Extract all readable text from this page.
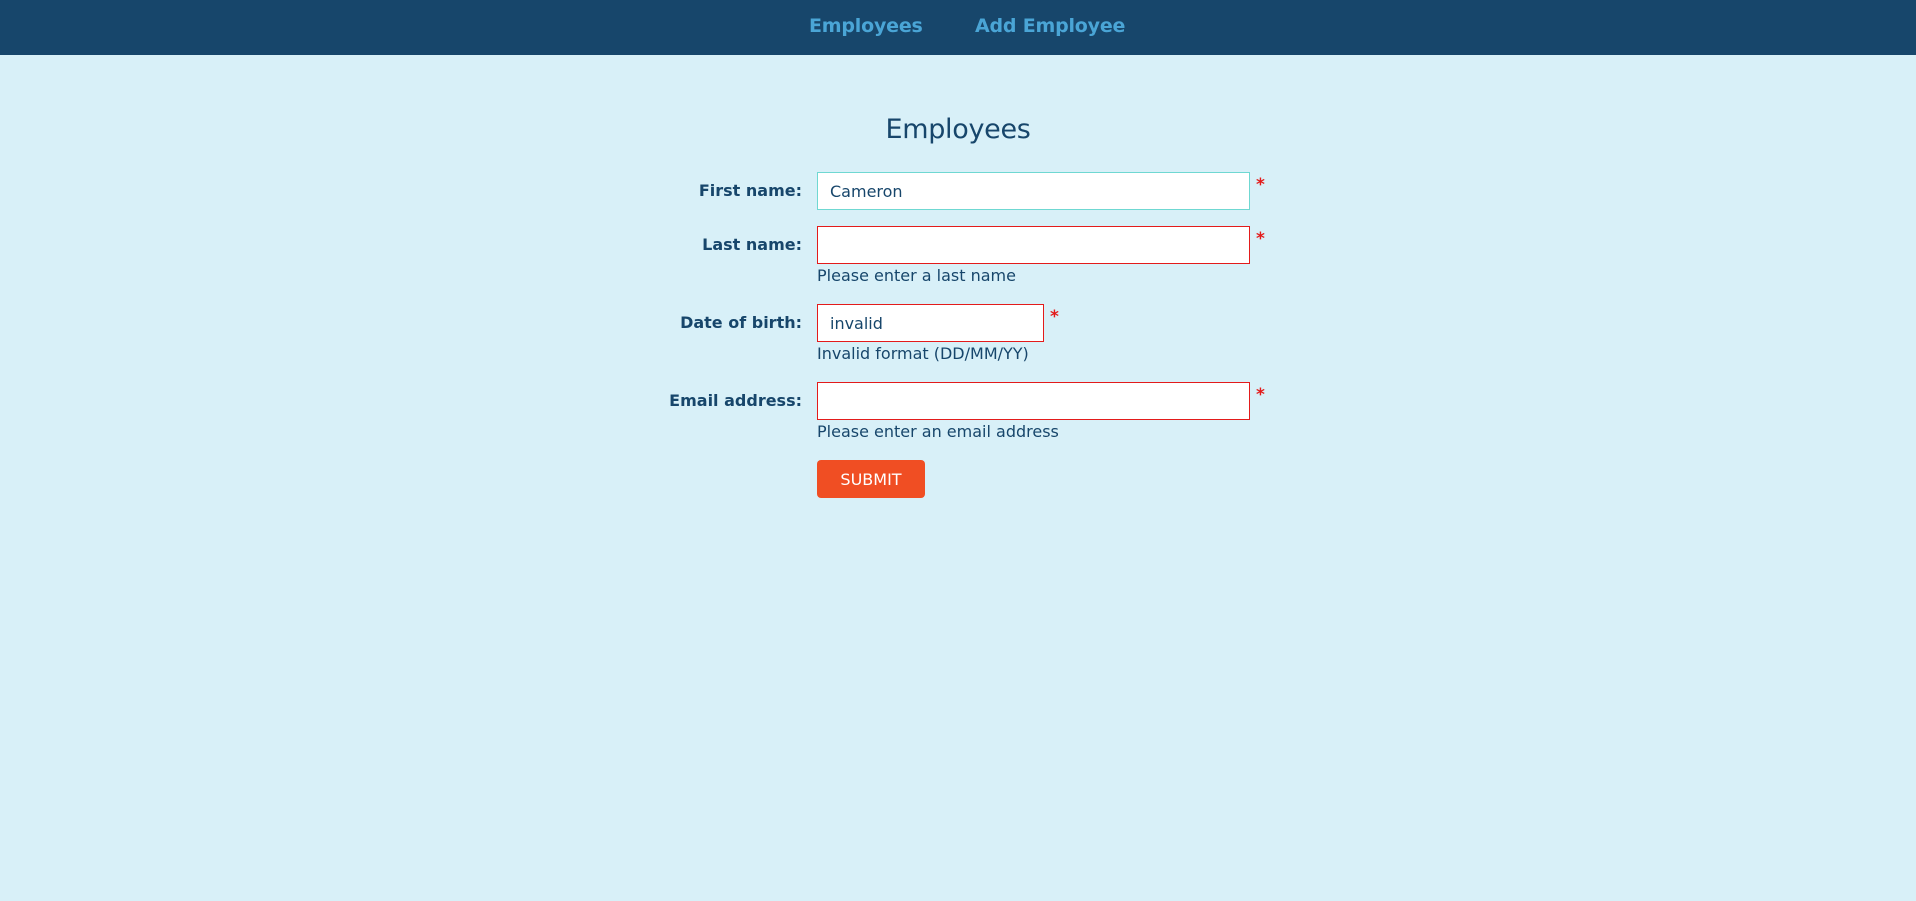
Employees	Add Employee
Employees
First name:
Cameron	*
Last name:	*
Please enter a last name
Date of birth:
invalid	*
Invalid format (DD/MM/YY)
Email address:	*
Please enter an email address
SUBMIT
